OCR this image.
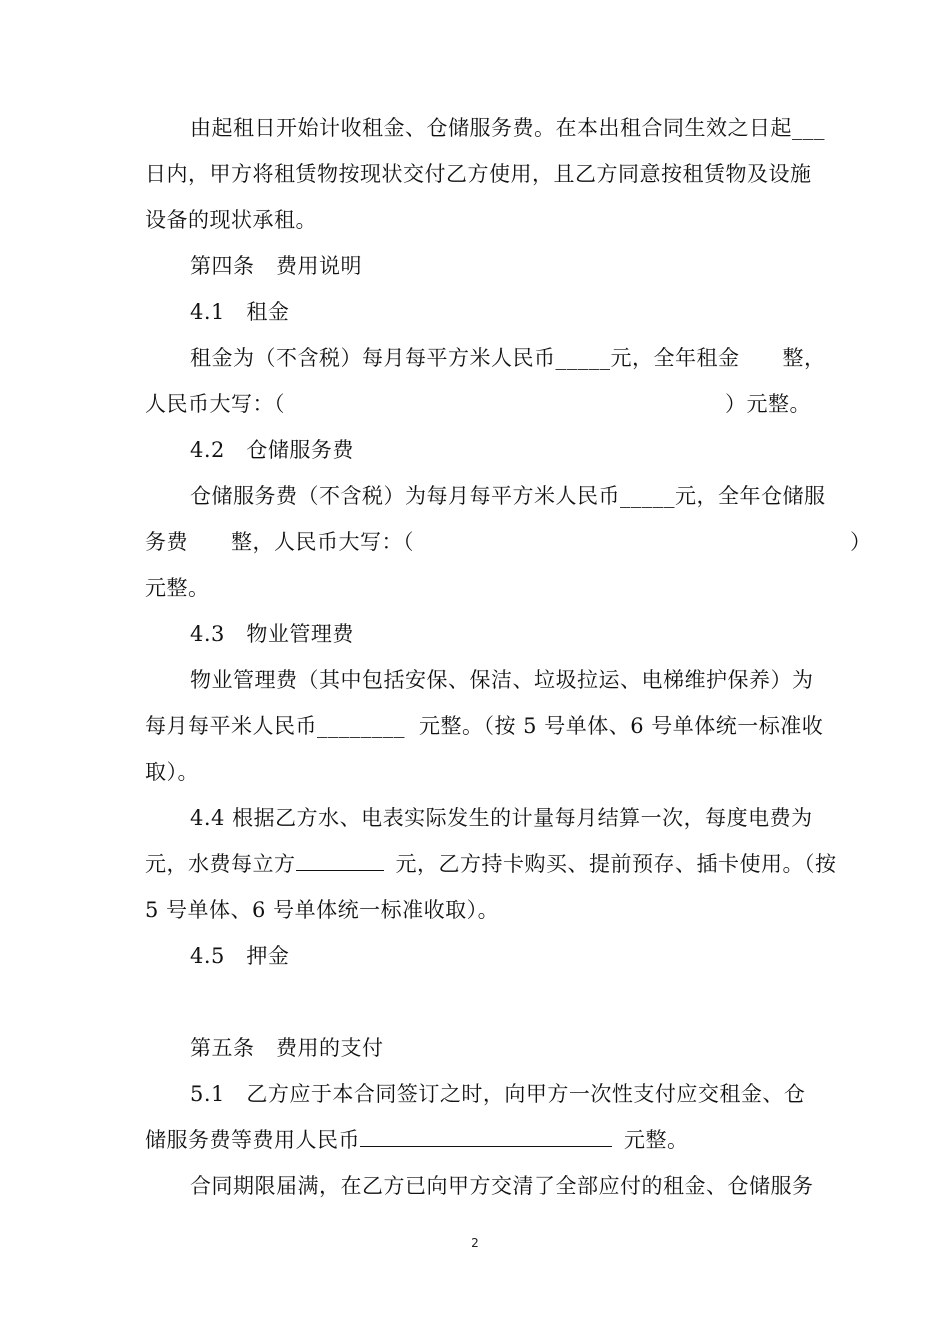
由起租日开始计收租金、仓储服务费。在本出租合同生效之日起___
日内，甲方将租赁物按现状交付乙方使用，且乙方同意按租赁物及设施
设备的现状承租。
第四条　费用说明
4.1　租金
租金为（不含税）每月每平方米人民币_____元，全年租金　　整，
人民币大写：（	）元整。
4.2　仓储服务费
仓储服务费（不含税）为每月每平方米人民币_____元，全年仓储服
务费　　整，人民币大写：（	）
元整。
4.3　物业管理费
物业管理费（其中包括安保、保洁、垃圾拉运、电梯维护保养）为
每月每平米人民币________ 元整。（按 5 号单体、6 号单体统一标准收
取）。
4.4 根据乙方水、电表实际发生的计量每月结算一次，每度电费为
元，水费每立方	元，乙方持卡购买、提前预存、插卡使用。（按
5 号单体、6 号单体统一标准收取）。
4.5　押金
第五条　费用的支付
5.1　乙方应于本合同签订之时，向甲方一次性支付应交租金、仓
储服务费等费用人民币	元整。
合同期限届满，在乙方已向甲方交清了全部应付的租金、仓储服务
2
